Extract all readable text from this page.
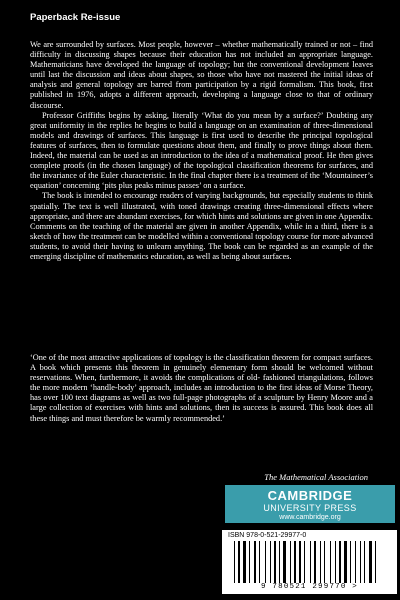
Paperback Re-issue

We are surrounded by surfaces. Most people, however – whether mathematically trained or not – find difficulty in discussing shapes because their education has not included an appropriate language. Mathematicians have developed the language of topology; but the conventional development leaves until last the discussion and ideas about shapes, so those who have not mastered the initial ideas of analysis and general topology are barred from participation by a rigid formalism. This book, first published in 1976, adopts a different approach, developing a language close to that of ordinary discourse.

Professor Griffiths begins by asking, literally ‘What do you mean by a surface?’ Doubting any great uniformity in the replies he begins to build a language on an examination of three-dimensional models and drawings of surfaces. This language is first used to describe the principal topological features of surfaces, then to formulate questions about them, and finally to prove things about them. Indeed, the material can be used as an introduction to the idea of a mathematical proof. He then gives complete proofs (in the chosen language) of the topological classification theorems for surfaces, and the invariance of the Euler characteristic. In the final chapter there is a treatment of the ‘Mountaineer’s equation’ concerning ‘pits plus peaks minus passes’ on a surface.

The book is intended to encourage readers of varying backgrounds, but especially students to think spatially. The text is well illustrated, with toned drawings creating three-dimensional effects where appropriate, and there are abundant exercises, for which hints and solutions are given in one Appendix. Comments on the teaching of the material are given in another Appendix, while in a third, there is a sketch of how the treatment can be modelled within a conventional topology course for more advanced students, to avoid their having to unlearn anything. The book can be regarded as an example of the emerging discipline of mathematics education, as well as being about surfaces.

‘One of the most attractive applications of topology is the classification theorem for compact surfaces. A book which presents this theorem in genuinely elementary form should be welcomed without reservations. When, furthermore, it avoids the complications of old- fashioned triangulations, follows the more modern ‘handle-body’ approach, includes an introduction to the first ideas of Morse Theory, has over 100 text diagrams as well as two full-page photographs of a sculpture by Henry Moore and a large collection of exercises with hints and solutions, then its success is assured. This book does all these things and must therefore be warmly recommended.’
The Mathematical Association
CAMBRIDGE
UNIVERSITY PRESS
www.cambridge.org
ISBN 978-0-521-29977-0
9 780521 299770 >
